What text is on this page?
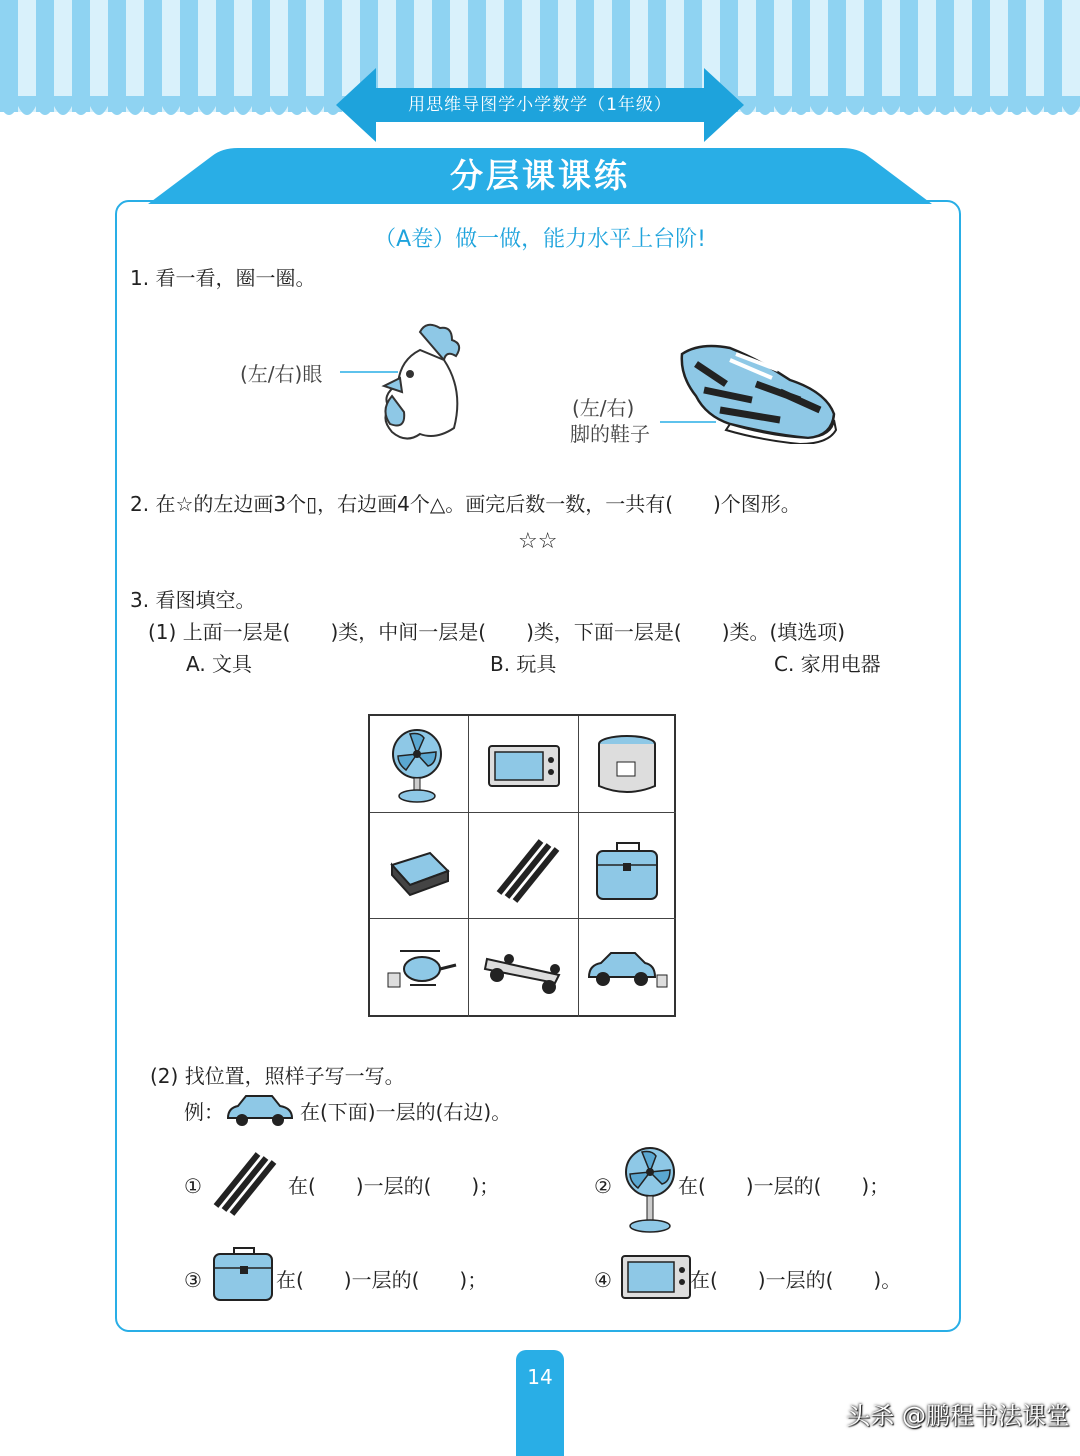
用思维导图学小学数学（1年级）
分层课课练
（A卷）做一做，能力水平上台阶!
1. 看一看，圈一圈。
(左/右)眼
(左/右)
脚的鞋子
2. 在☆的左边画3个▯，右边画4个△。画完后数一数，一共有(　　)个图形。
☆☆
3. 看图填空。
(1) 上面一层是(　　)类，中间一层是(　　)类，下面一层是(　　)类。(填选项)
A. 文具	B. 玩具	C. 家用电器
(2) 找位置，照样子写一写。
例：	在(下面)一层的(右边)。
①	在(　　)一层的(　　)；	②	在(　　)一层的(　　)；
③	在(　　)一层的(　　)；	④	在(　　)一层的(　　)。
14
头杀 @鹏程书法课堂
